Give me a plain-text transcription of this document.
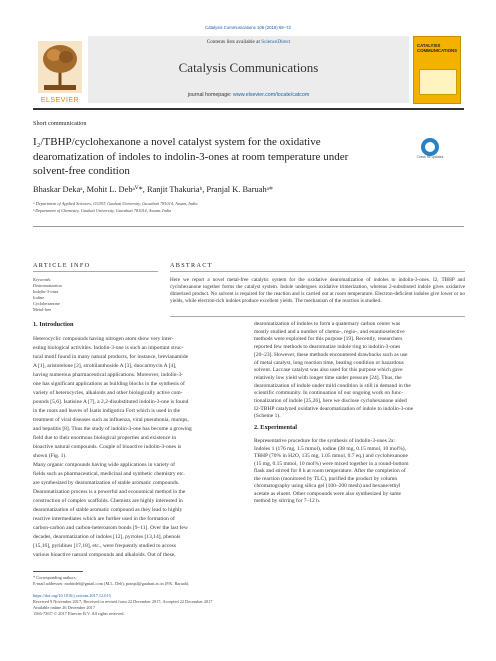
Catalysis Communications 106 (2018) 68–72
Contents lists available at ScienceDirect
Catalysis Communications
journal homepage: www.elsevier.com/locate/catcom
ELSEVIER
CATALYSIS COMMUNICATIONS
Short communication
I₂/TBHP/cyclohexanone a novel catalyst system for the oxidative
dearomatization of indoles to indolin-3-ones at room temperature under
solvent-free condition
Check for updates
Bhaskar Dekaᵃ, Mohit L. Debᵃⱽ*, Ranjit Thakuriaᵇ, Pranjal K. Baruahᵃ*
ᵃ Department of Applied Sciences, GUIST, Gauhati University, Guwahati 781014, Assam, India
ᵇ Department of Chemistry, Gauhati University, Guwahati 781014, Assam, India
ARTICLE INFO	ABSTRACT
Keywords:
Dearomatization
Indolin-3-ones
Iodine
Cyclohexanone
Metal-free
Here we report a novel metal-free catalytic system for the oxidative dearomatization of indoles to indolin-3-ones. I2, TBHP and cyclohexanone together forms the catalyst system. Indole undergoes oxidative trimerization, whereas 2-substituted indole gives oxidative dimerized product. No solvent is required for the reaction and is carried out at room temperature. Electron-deficient indoles give lower or no yields, while electron-rich indoles produce excellent yields. The mechanism of the reaction is studied.
1. Introduction
Heterocyclic compounds having nitrogen atom show very inter-
esting biological activities. Indolin-3-one is such an important struc-
tural motif found in many natural products, for instance, brevianamide
A [1], aristotelone [2], strobilanthoside A [3], duocarmycin A [4],
having numerous pharmaceutical applications. Moreover, indolin-3-
one has significant applications as building blocks in the synthesis of
variety of heterocycles, alkaloids and other biologically active com-
pounds [5,6]. Isatisine A [7], a 2,2-disubstituted indolin-3-one is found
in the roots and leaves of Isatis indigotica Fort which is used in the
treatment of viral diseases such as influenza, viral pneumonia, mumps,
and hepatitis [8]. Thus the study of indolin-3-one has become a growing
field due to their enormous biological properties and existence in
bioactive natural compounds. Couple of bioactive indolin-3-ones is
shown (Fig. 1).
Many organic compounds having wide applications in variety of
fields such as pharmaceutical, medicinal and synthetic chemistry etc.
are synthesized by dearomatization of stable aromatic compounds.
Dearomatization process is a powerful and economical method in the
construction of complex scaffolds. Chemists are highly interested in
dearomatization of stable aromatic compound as they lead to highly
reactive intermediates which are further used in the formation of
carbon-carbon and carbon-heteroatom bonds [9–11]. Over the last few
decades, dearomatization of indoles [12], pyrroles [13,14], phenols
[15,16], pyridines [17,18], etc., were frequently studied to access
various bioactive natural compounds and alkaloids. Out of these,
dearomatization of indoles to form a quaternary carbon center was
mostly studied and a number of chemo-, regio-, and enantioselective
methods were exploited for this purpose [19]. Recently, researchers
reported few methods to dearomatize indole ring to indolin-3-ones
[20–23]. However, these methods encountered drawbacks such as use
of metal catalyst, long reaction time, heating condition or hazardous
solvent. Laccase catalyst was also used for this purpose which gave
relatively low yield with longer time under pressure [24]. Thus, the
dearomatization of indole under mild condition is still in demand in the
scientific community. In continuation of our ongoing work on func-
tionalization of indole [25,26], here we disclose cyclohexanone aided
I2-TBHP catalyzed oxidative dearomatization of indole to indolin-3-one
(Scheme 1).
2. Experimental
Representative procedure for the synthesis of indolin-3-ones 2a:
Indoles 1 (176 mg, 1.5 mmol), iodine (38 mg, 0.15 mmol, 10 mol%),
TBHP (70% in H2O, 135 mg, 1.05 mmol, 0.7 eq.) and cyclohexanone
(15 mg, 0.15 mmol, 10 mol%) were mixed together in a round-bottom
flask and stirred for 8 h at room temperature. After the completion of
the reaction (monitored by TLC), purified the product by column
chromatography using silica gel (100–200 mesh) and hexane/ethyl
acetate as eluent. Other compounds were also synthesized by same
method by stirring for 7–12 h.
* Corresponding authors.
E-mail addresses: mohitdeb@gmail.com (M.L. Deb), pranjal@gauhati.ac.in (P.K. Baruah).
https://doi.org/10.1016/j.catcom.2017.12.015
Received 9 November 2017; Received in revised form 22 December 2017; Accepted 22 December 2017
Available online 26 December 2017
1566-7367/ © 2017 Elsevier B.V. All rights reserved.
